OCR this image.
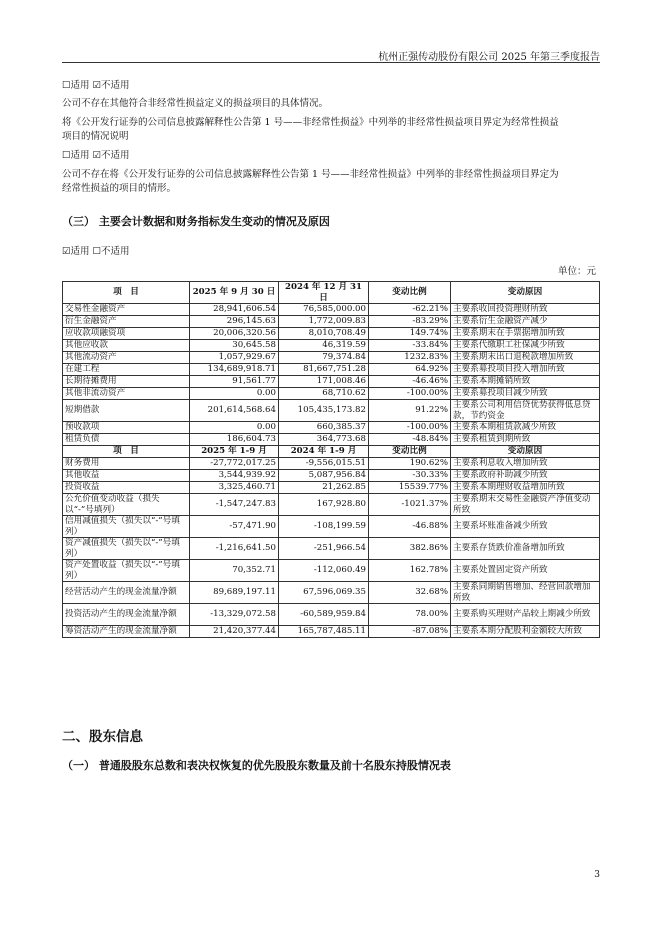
杭州正强传动股份有限公司 2025 年第三季度报告
☐适用 ☑不适用
公司不存在其他符合非经常性损益定义的损益项目的具体情况。
将《公开发行证券的公司信息披露解释性公告第 1 号——非经常性损益》中列举的非经常性损益项目界定为经常性损益
项目的情况说明
☐适用 ☑不适用
公司不存在将《公开发行证券的公司信息披露解释性公告第 1 号——非经常性损益》中列举的非经常性损益项目界定为
经常性损益的项目的情形。
（三） 主要会计数据和财务指标发生变动的情况及原因
☑适用 ☐不适用
单位：元
项　目	2025 年 9 月 30 日	2024 年 12 月 31 日	变动比例	变动原因
交易性金融资产	28,941,606.54	76,585,000.00	-62.21%	主要系收回投资理财所致
衍生金融资产	296,145.63	1,772,009.83	-83.29%	主要系衍生金融资产减少
应收款项融资项	20,006,320.56	8,010,708.49	149.74%	主要系期末在手票据增加所致
其他应收款	30,645.58	46,319.59	-33.84%	主要系代缴职工社保减少所致
其他流动资产	1,057,929.67	79,374.84	1232.83%	主要系期末出口退税款增加所致
在建工程	134,689,918.71	81,667,751.28	64.92%	主要系募投项目投入增加所致
长期待摊费用	91,561.77	171,008.46	-46.46%	主要系本期摊销所致
其他非流动资产	0.00	68,710.62	-100.00%	主要系募投项目减少所致
短期借款	201,614,568.64	105,435,173.82	91.22%	主要系公司利用信贷优势获得低息贷款，节约资金
预收款项	0.00	660,385.37	-100.00%	主要系本期租赁款减少所致
租赁负债	186,604.73	364,773.68	-48.84%	主要系租赁到期所致
项　目	2025 年 1-9 月	2024 年 1-9 月	变动比例	变动原因
财务费用	-27,772,017.25	-9,556,015.51	190.62%	主要系利息收入增加所致
其他收益	3,544,939.92	5,087,956.84	-30.33%	主要系政府补助减少所致
投资收益	3,325,460.71	21,262.85	15539.77%	主要系本期理财收益增加所致
公允价值变动收益（损失以“-”号填列）	-1,547,247.83	167,928.80	-1021.37%	主要系期末交易性金融资产净值变动所致
信用减值损失（损失以“-”号填列）	-57,471.90	-108,199.59	-46.88%	主要系坏账准备减少所致
资产减值损失（损失以“-”号填列）	-1,216,641.50	-251,966.54	382.86%	主要系存货跌价准备增加所致
资产处置收益（损失以“-”号填列）	70,352.71	-112,060.49	162.78%	主要系处置固定资产所致
经营活动产生的现金流量净额	89,689,197.11	67,596,069.35	32.68%	主要系同期销售增加、经营回款增加所致
投资活动产生的现金流量净额	-13,329,072.58	-60,589,959.84	78.00%	主要系购买理财产品较上期减少所致
筹资活动产生的现金流量净额	21,420,377.44	165,787,485.11	-87.08%	主要系本期分配股利金额较大所致
二、股东信息
（一） 普通股股东总数和表决权恢复的优先股股东数量及前十名股东持股情况表
3
